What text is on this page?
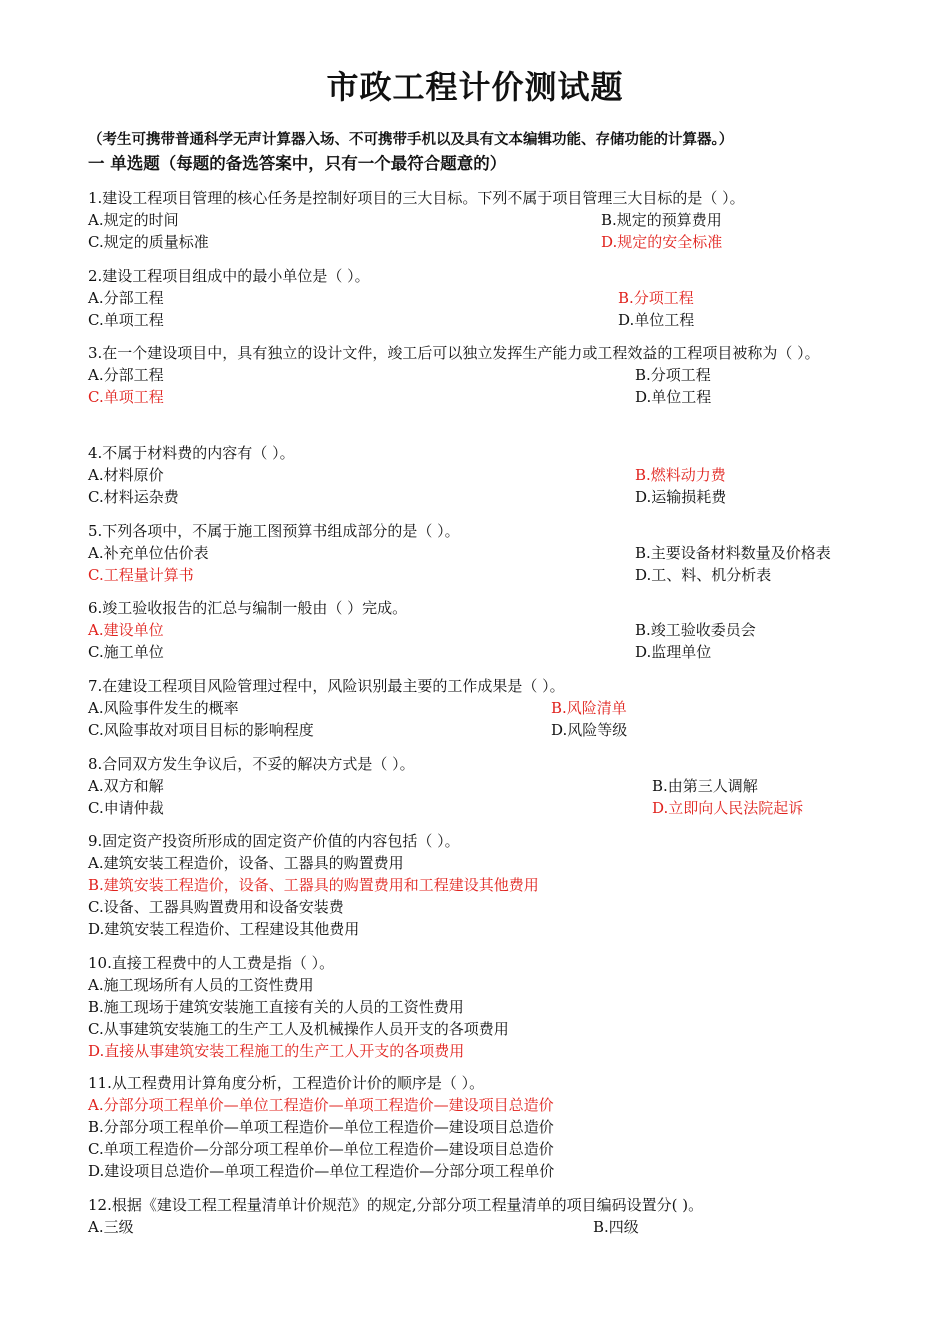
市政工程计价测试题
（考生可携带普通科学无声计算器入场、不可携带手机以及具有文本编辑功能、存储功能的计算器。）
一 单选题（每题的备选答案中，只有一个最符合题意的）
1.建设工程项目管理的核心任务是控制好项目的三大目标。下列不属于项目管理三大目标的是（ ）。
A.规定的时间	B.规定的预算费用
C.规定的质量标准	D.规定的安全标准
2.建设工程项目组成中的最小单位是（ ）。
A.分部工程	B.分项工程
C.单项工程	D.单位工程
3.在一个建设项目中，具有独立的设计文件，竣工后可以独立发挥生产能力或工程效益的工程项目被称为（ ）。
A.分部工程	B.分项工程
C.单项工程	D.单位工程
4.不属于材料费的内容有（ ）。
A.材料原价	B.燃料动力费
C.材料运杂费	D.运输损耗费
5.下列各项中，不属于施工图预算书组成部分的是（ ）。
A.补充单位估价表	B.主要设备材料数量及价格表
C.工程量计算书	D.工、料、机分析表
6.竣工验收报告的汇总与编制一般由（ ）完成。
A.建设单位	B.竣工验收委员会
C.施工单位	D.监理单位
7.在建设工程项目风险管理过程中，风险识别最主要的工作成果是（ ）。
A.风险事件发生的概率	B.风险清单
C.风险事故对项目目标的影响程度	D.风险等级
8.合同双方发生争议后，不妥的解决方式是（ ）。
A.双方和解	B.由第三人调解
C.申请仲裁	D.立即向人民法院起诉
9.固定资产投资所形成的固定资产价值的内容包括（ ）。
A.建筑安装工程造价，设备、工器具的购置费用
B.建筑安装工程造价，设备、工器具的购置费用和工程建设其他费用
C.设备、工器具购置费用和设备安装费
D.建筑安装工程造价、工程建设其他费用
10.直接工程费中的人工费是指（ ）。
A.施工现场所有人员的工资性费用
B.施工现场于建筑安装施工直接有关的人员的工资性费用
C.从事建筑安装施工的生产工人及机械操作人员开支的各项费用
D.直接从事建筑安装工程施工的生产工人开支的各项费用
11.从工程费用计算角度分析，工程造价计价的顺序是（ ）。
A.分部分项工程单价—单位工程造价—单项工程造价—建设项目总造价
B.分部分项工程单价—单项工程造价—单位工程造价—建设项目总造价
C.单项工程造价—分部分项工程单价—单位工程造价—建设项目总造价
D.建设项目总造价—单项工程造价—单位工程造价—分部分项工程单价
12.根据《建设工程工程量清单计价规范》的规定,分部分项工程量清单的项目编码设置分( )。
A.三级	B.四级
